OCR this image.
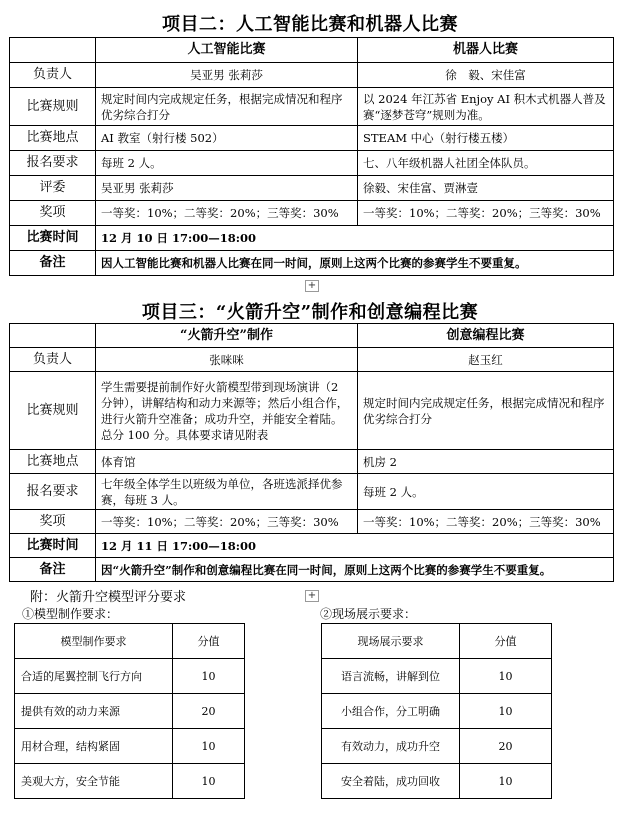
项目二：人工智能比赛和机器人比赛
	人工智能比赛	机器人比赛
负责人	吴亚男 张莉莎	徐　毅、宋佳富
比赛规则	规定时间内完成规定任务，根据完成情况和程序优劣综合打分	以 2024 年江苏省 Enjoy AI 积木式机器人普及赛“逐梦苍穹”规则为准。
比赛地点	AI 教室（射行楼 502）	STEAM 中心（射行楼五楼）
报名要求	每班 2 人。	七、八年级机器人社团全体队员。
评委	吴亚男 张莉莎	徐毅、宋佳富、贾淋壹
奖项	一等奖：10%；二等奖：20%；三等奖：30%	一等奖：10%；二等奖：20%；三等奖：30%
比赛时间	12 月 10 日 17:00—18:00	
备注	因人工智能比赛和机器人比赛在同一时间，原则上这两个比赛的参赛学生不要重复。	
+
项目三：“火箭升空”制作和创意编程比赛
	“火箭升空”制作	创意编程比赛
负责人	张咪咪	赵玉红
比赛规则	学生需要提前制作好火箭模型带到现场演讲（2 分钟），讲解结构和动力来源等；然后小组合作，进行火箭升空准备；成功升空，并能安全着陆。总分 100 分。具体要求请见附表	规定时间内完成规定任务，根据完成情况和程序优劣综合打分
比赛地点	体育馆	机房 2
报名要求	七年级全体学生以班级为单位，各班选派择优参赛，每班 3 人。	每班 2 人。
奖项	一等奖：10%；二等奖：20%；三等奖：30%	一等奖：10%；二等奖：20%；三等奖：30%
比赛时间	12 月 11 日 17:00—18:00	
备注	因“火箭升空”制作和创意编程比赛在同一时间，原则上这两个比赛的参赛学生不要重复。	
附：火箭升空模型评分要求	+
①模型制作要求：	②现场展示要求：
模型制作要求	分值
合适的尾翼控制飞行方向	10
提供有效的动力来源	20
用材合理，结构紧固	10
美观大方，安全节能	10
现场展示要求	分值
语言流畅，讲解到位	10
小组合作，分工明确	10
有效动力，成功升空	20
安全着陆，成功回收	10
